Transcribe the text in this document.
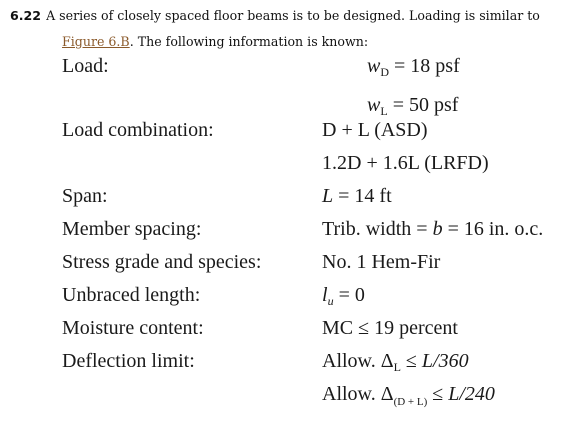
6.22 A series of closely spaced floor beams is to be designed. Loading is similar to
Figure 6.B. The following information is known:
Load:	$w_D = 18$ psf
$w_L = 50$ psf
Load combination:	D + L (ASD)
1.2D + 1.6L (LRFD)
Span:	L = 14 ft
Member spacing:	Trib. width = b = 16 in. o.c.
Stress grade and species:	No. 1 Hem-Fir
Unbraced length:	$l_u = 0$
Moisture content:	MC ≤ 19 percent
Deflection limit:	Allow. $\Delta_L \le L/360$
Allow. $\Delta_{(D + L)} \le L/240$
